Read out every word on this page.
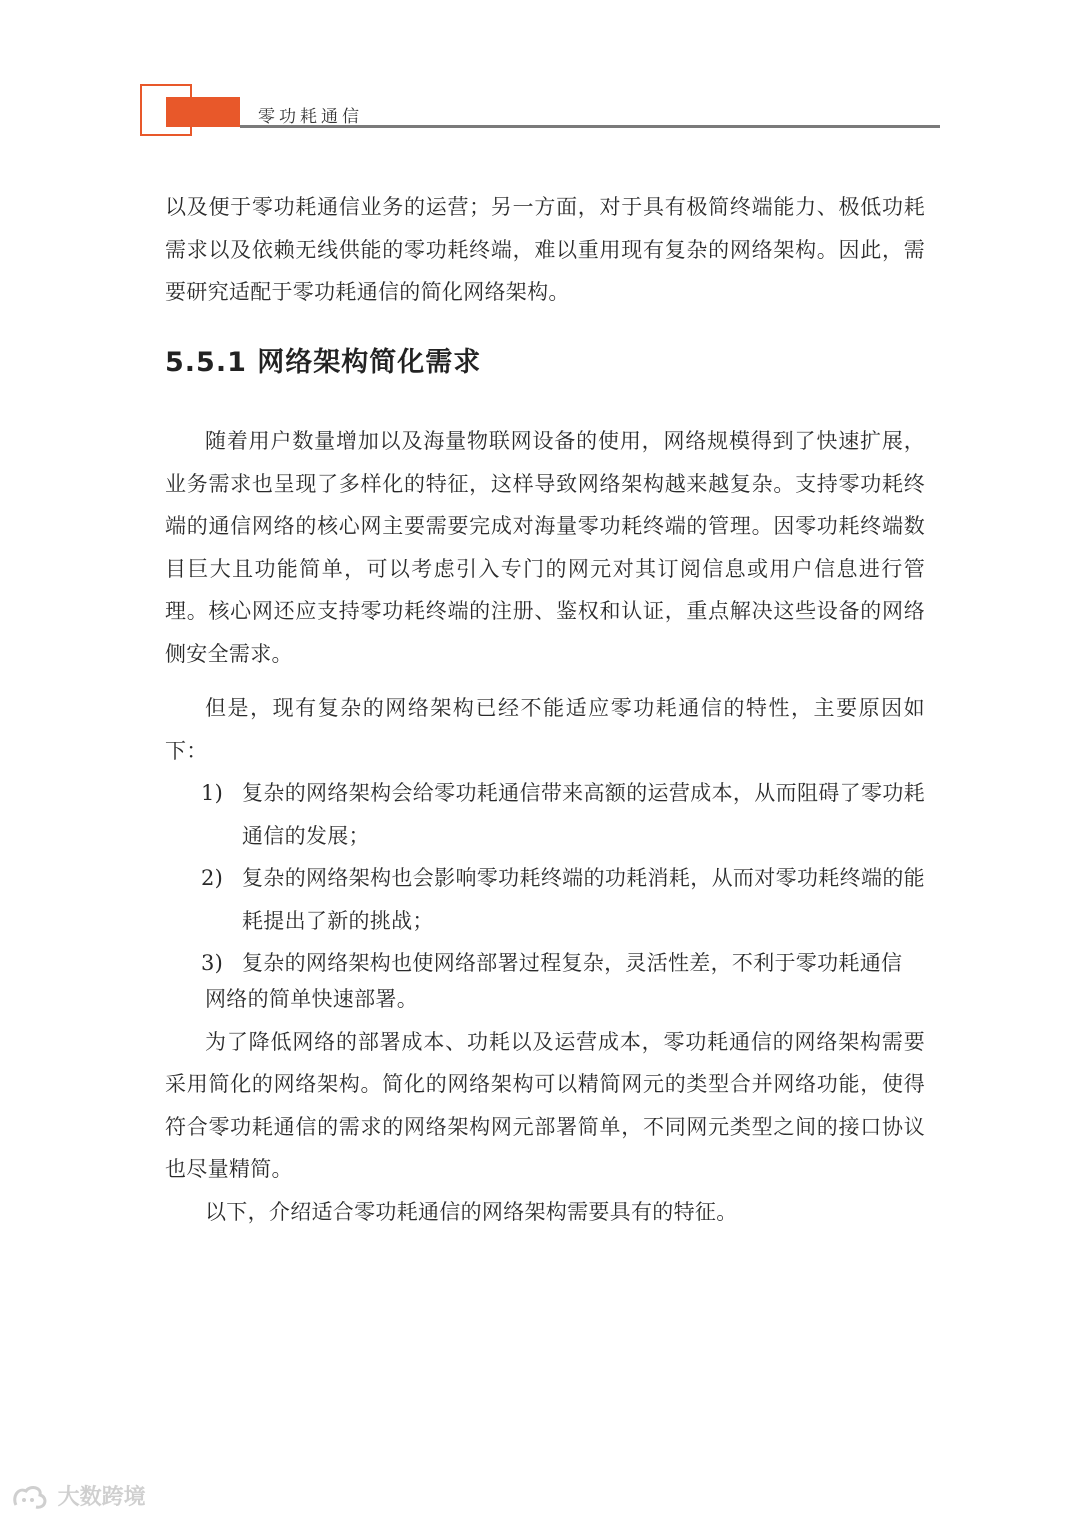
零功耗通信

以及便于零功耗通信业务的运营；另一方面，对于具有极简终端能力、极低功耗需求以及依赖无线供能的零功耗终端，难以重用现有复杂的网络架构。因此，需要研究适配于零功耗通信的简化网络架构。

5.5.1 网络架构简化需求

随着用户数量增加以及海量物联网设备的使用，网络规模得到了快速扩展，业务需求也呈现了多样化的特征，这样导致网络架构越来越复杂。支持零功耗终端的通信网络的核心网主要需要完成对海量零功耗终端的管理。因零功耗终端数目巨大且功能简单，可以考虑引入专门的网元对其订阅信息或用户信息进行管理。核心网还应支持零功耗终端的注册、鉴权和认证，重点解决这些设备的网络侧安全需求。

但是，现有复杂的网络架构已经不能适应零功耗通信的特性，主要原因如下：

1) 复杂的网络架构会给零功耗通信带来高额的运营成本，从而阻碍了零功耗通信的发展；
2) 复杂的网络架构也会影响零功耗终端的功耗消耗，从而对零功耗终端的能耗提出了新的挑战；
3) 复杂的网络架构也使网络部署过程复杂，灵活性差，不利于零功耗通信

网络的简单快速部署。

为了降低网络的部署成本、功耗以及运营成本，零功耗通信的网络架构需要采用简化的网络架构。简化的网络架构可以精简网元的类型合并网络功能，使得符合零功耗通信的需求的网络架构网元部署简单，不同网元类型之间的接口协议也尽量精简。

以下，介绍适合零功耗通信的网络架构需要具有的特征。

大数跨境
